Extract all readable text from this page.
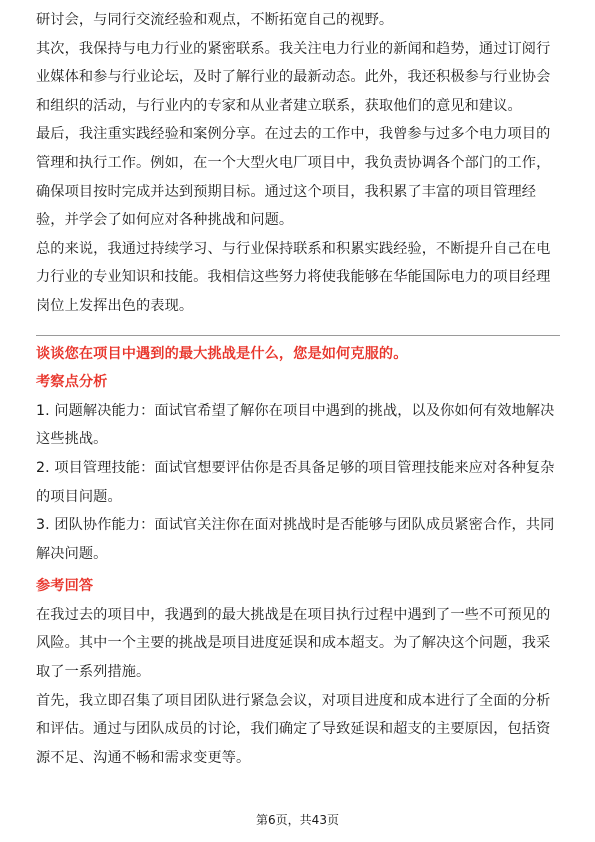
研讨会，与同行交流经验和观点，不断拓宽自己的视野。

其次，我保持与电力行业的紧密联系。我关注电力行业的新闻和趋势，通过订阅行业媒体和参与行业论坛，及时了解行业的最新动态。此外，我还积极参与行业协会和组织的活动，与行业内的专家和从业者建立联系，获取他们的意见和建议。

最后，我注重实践经验和案例分享。在过去的工作中，我曾参与过多个电力项目的管理和执行工作。例如，在一个大型火电厂项目中，我负责协调各个部门的工作，确保项目按时完成并达到预期目标。通过这个项目，我积累了丰富的项目管理经验，并学会了如何应对各种挑战和问题。

总的来说，我通过持续学习、与行业保持联系和积累实践经验，不断提升自己在电力行业的专业知识和技能。我相信这些努力将使我能够在华能国际电力的项目经理岗位上发挥出色的表现。

谈谈您在项目中遇到的最大挑战是什么，您是如何克服的。

考察点分析

1. 问题解决能力：面试官希望了解你在项目中遇到的挑战，以及你如何有效地解决这些挑战。

2. 项目管理技能：面试官想要评估你是否具备足够的项目管理技能来应对各种复杂的项目问题。

3. 团队协作能力：面试官关注你在面对挑战时是否能够与团队成员紧密合作，共同解决问题。

参考回答

在我过去的项目中，我遇到的最大挑战是在项目执行过程中遇到了一些不可预见的风险。其中一个主要的挑战是项目进度延误和成本超支。为了解决这个问题，我采取了一系列措施。

首先，我立即召集了项目团队进行紧急会议，对项目进度和成本进行了全面的分析和评估。通过与团队成员的讨论，我们确定了导致延误和超支的主要原因，包括资源不足、沟通不畅和需求变更等。

第6页，共43页
